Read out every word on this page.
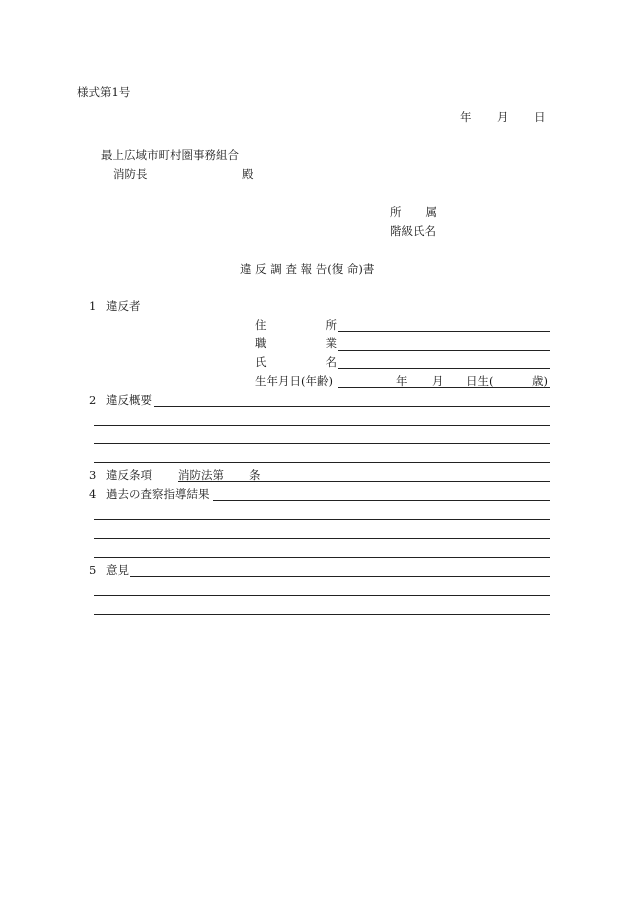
様式第1号
年 月 日
最上広域市町村圏事務組合
消防長	殿
所 属
階級氏名
違 反 調 査 報 告(復 命)書
1 違反者
住	所
職	業
氏	名
生年月日(年齢)	年 月 日生(	歳)
2 違反概要
3 違反条項 消防法第 条
4 過去の査察指導結果
5 意見
